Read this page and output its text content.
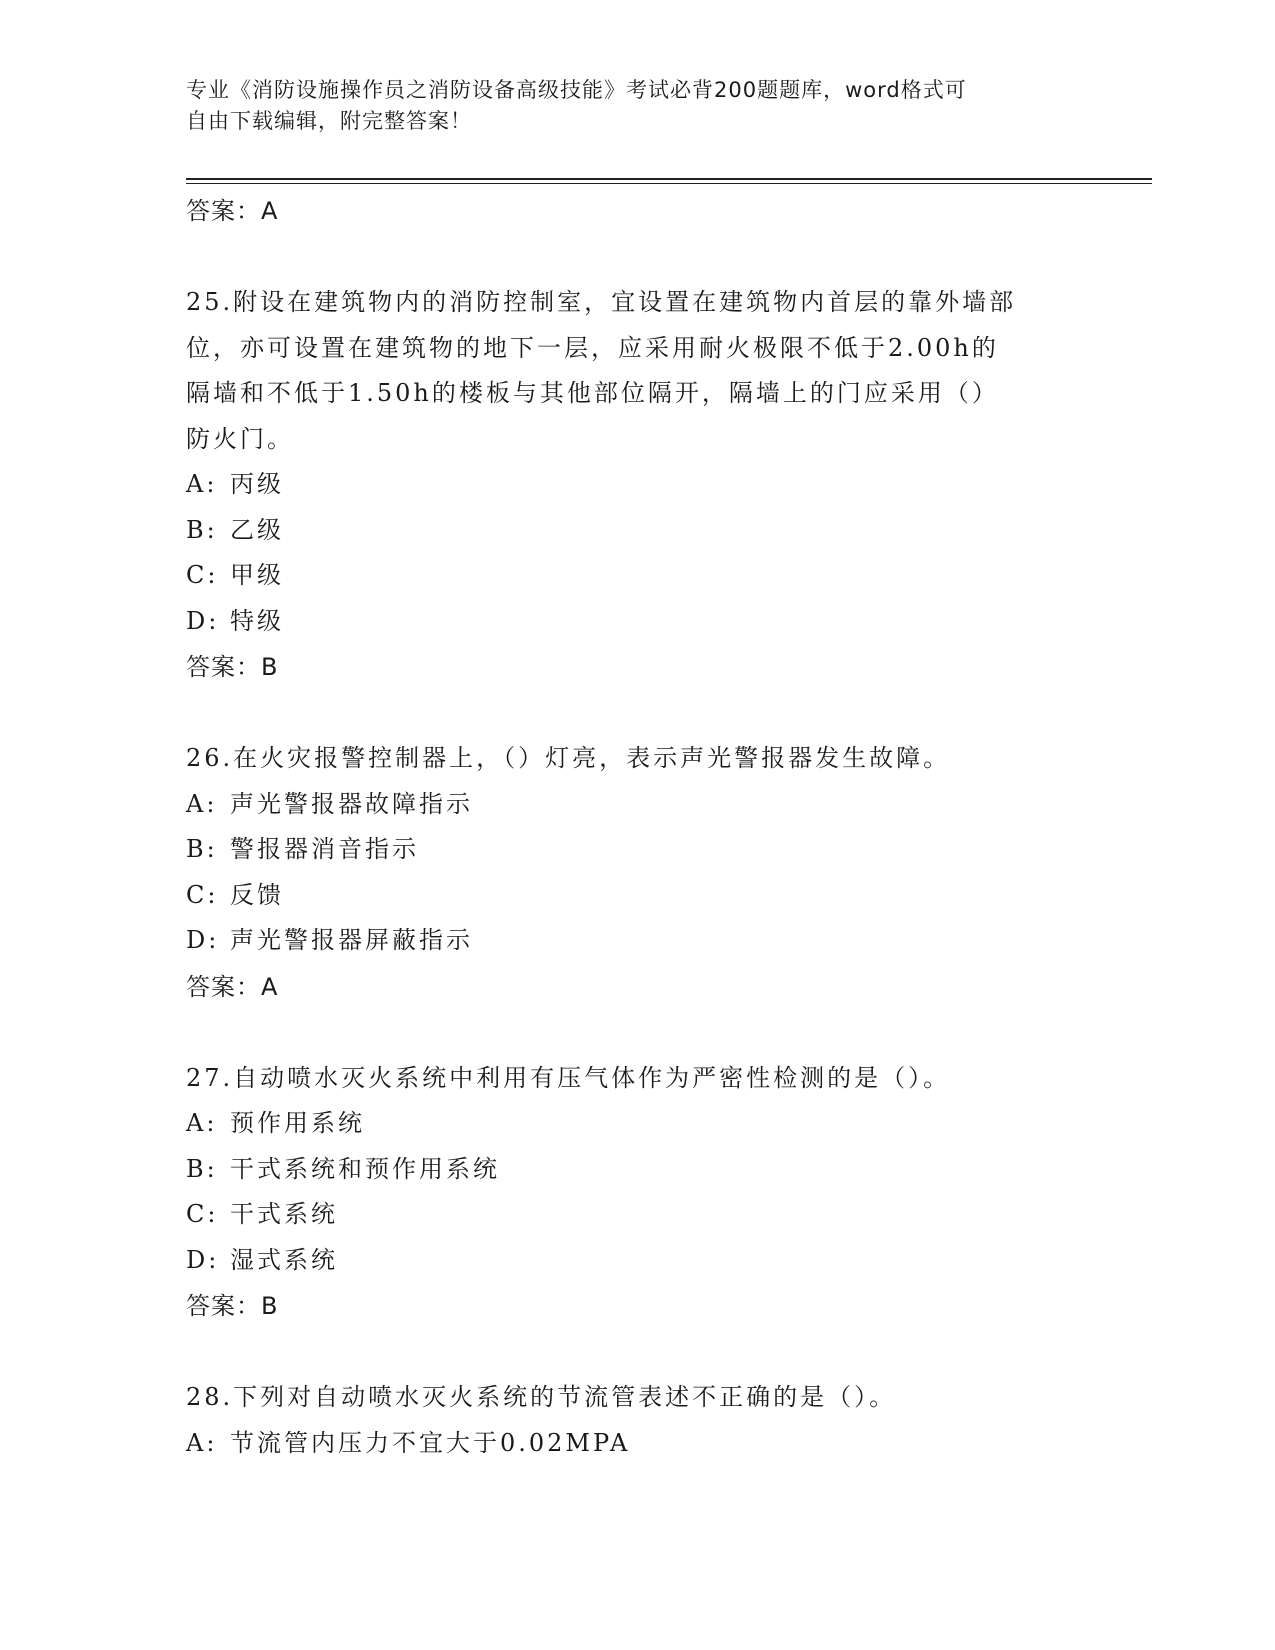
专业《消防设施操作员之消防设备高级技能》考试必背200题题库，word格式可
自由下载编辑，附完整答案！
答案：A
25.附设在建筑物内的消防控制室，宜设置在建筑物内首层的靠外墙部
位，亦可设置在建筑物的地下一层，应采用耐火极限不低于2.00h的
隔墙和不低于1.50h的楼板与其他部位隔开，隔墙上的门应采用（）
防火门。
A: 丙级
B: 乙级
C: 甲级
D: 特级
答案：B
26.在火灾报警控制器上，（）灯亮，表示声光警报器发生故障。
A: 声光警报器故障指示
B: 警报器消音指示
C: 反馈
D: 声光警报器屏蔽指示
答案：A
27.自动喷水灭火系统中利用有压气体作为严密性检测的是（）。
A: 预作用系统
B: 干式系统和预作用系统
C: 干式系统
D: 湿式系统
答案：B
28.下列对自动喷水灭火系统的节流管表述不正确的是（）。
A: 节流管内压力不宜大于0.02MPA
